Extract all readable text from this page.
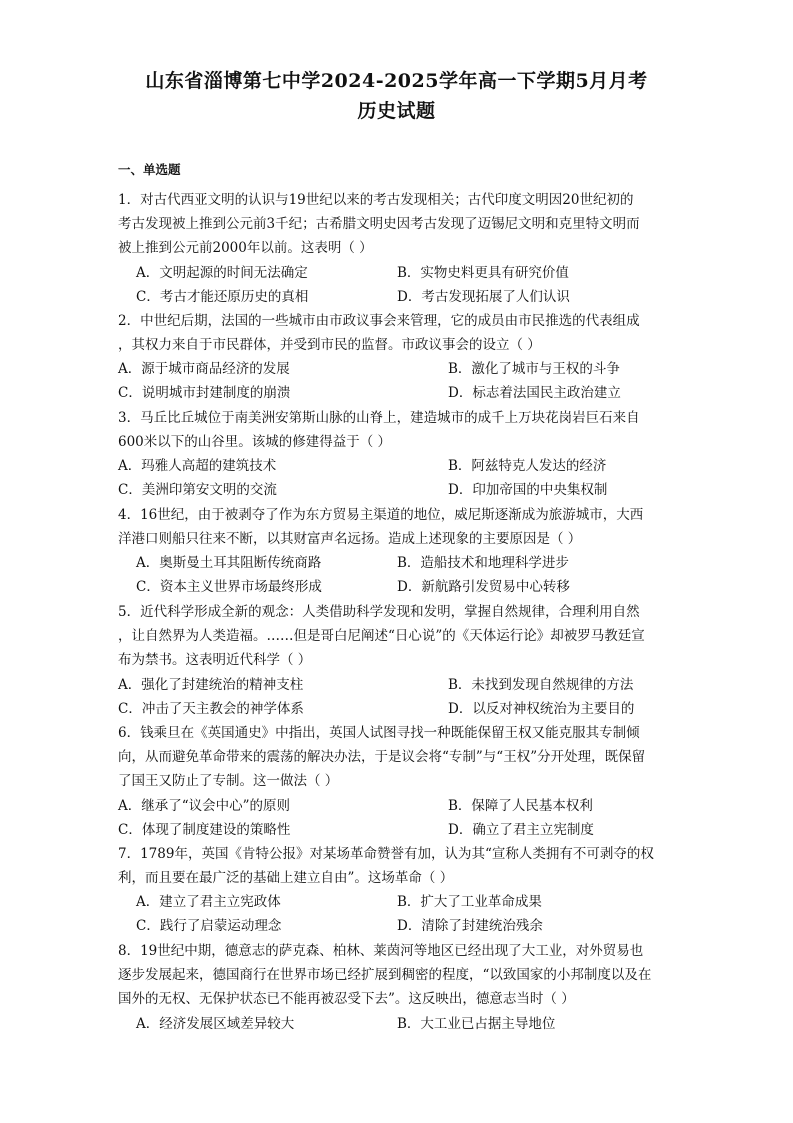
山东省淄博第七中学2024-2025学年高一下学期5月月考
历史试题
一、单选题
1．对古代西亚文明的认识与19世纪以来的考古发现相关；古代印度文明因20世纪初的
考古发现被上推到公元前3千纪；古希腊文明史因考古发现了迈锡尼文明和克里特文明而
被上推到公元前2000年以前。这表明（ ）
A．文明起源的时间无法确定	B．实物史料更具有研究价值
C．考古才能还原历史的真相	D．考古发现拓展了人们认识
2．中世纪后期，法国的一些城市由市政议事会来管理，它的成员由市民推选的代表组成
，其权力来自于市民群体，并受到市民的监督。市政议事会的设立（ ）
A．源于城市商品经济的发展	B．激化了城市与王权的斗争
C．说明城市封建制度的崩溃	D．标志着法国民主政治建立
3．马丘比丘城位于南美洲安第斯山脉的山脊上，建造城市的成千上万块花岗岩巨石来自
600米以下的山谷里。该城的修建得益于（ ）
A．玛雅人高超的建筑技术	B．阿兹特克人发达的经济
C．美洲印第安文明的交流	D．印加帝国的中央集权制
4．16世纪，由于被剥夺了作为东方贸易主渠道的地位，威尼斯逐渐成为旅游城市，大西
洋港口则船只往来不断，以其财富声名远扬。造成上述现象的主要原因是（ ）
A．奥斯曼土耳其阻断传统商路	B．造船技术和地理科学进步
C．资本主义世界市场最终形成	D．新航路引发贸易中心转移
5．近代科学形成全新的观念：人类借助科学发现和发明，掌握自然规律，合理利用自然
，让自然界为人类造福。……但是哥白尼阐述“日心说”的《天体运行论》却被罗马教廷宣
布为禁书。这表明近代科学（ ）
A．强化了封建统治的精神支柱	B．未找到发现自然规律的方法
C．冲击了天主教会的神学体系	D．以反对神权统治为主要目的
6．钱乘旦在《英国通史》中指出，英国人试图寻找一种既能保留王权又能克服其专制倾
向，从而避免革命带来的震荡的解决办法，于是议会将“专制”与“王权”分开处理，既保留
了国王又防止了专制。这一做法（ ）
A．继承了“议会中心”的原则	B．保障了人民基本权利
C．体现了制度建设的策略性	D．确立了君主立宪制度
7．1789年，英国《肯特公报》对某场革命赞誉有加，认为其“宣称人类拥有不可剥夺的权
利，而且要在最广泛的基础上建立自由”。这场革命（ ）
A．建立了君主立宪政体	B．扩大了工业革命成果
C．践行了启蒙运动理念	D．清除了封建统治残余
8．19世纪中期，德意志的萨克森、柏林、莱茵河等地区已经出现了大工业，对外贸易也
逐步发展起来，德国商行在世界市场已经扩展到稠密的程度，“以致国家的小邦制度以及在
国外的无权、无保护状态已不能再被忍受下去”。这反映出，德意志当时（ ）
A．经济发展区域差异较大	B．大工业已占据主导地位
